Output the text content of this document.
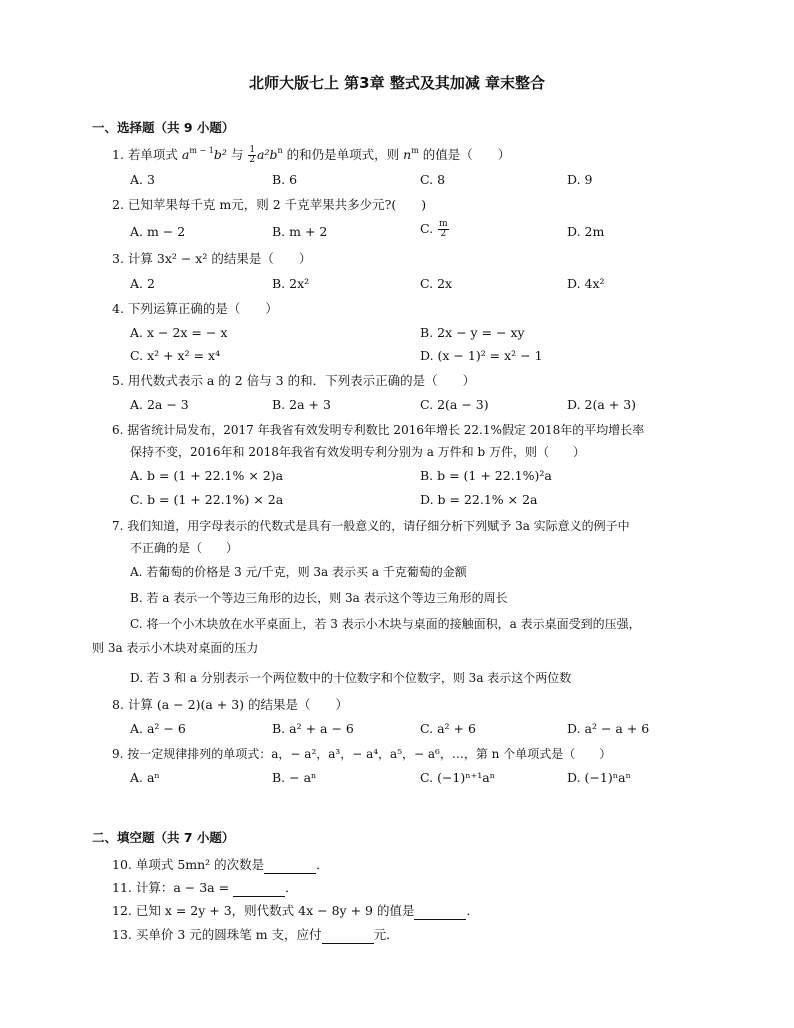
北师大版七上 第3章 整式及其加减 章末整合
一、选择题（共 9 小题）
1. 若单项式 $a^{m - 1}b^2$ 与 $\frac{1}{2} a^2b^n$ 的和仍是单项式，则 $n^m$ 的值是（　　）
A. 3	B. 6	C. 8	D. 9
2. 已知苹果每千克 m元，则 2 千克苹果共多少元?(　　)
A. m − 2	B. m + 2	C. $\frac{m}{2}$	D. 2m
3. 计算 3x² − x² 的结果是（　　）
A. 2	B. 2x²	C. 2x	D. 4x²
4. 下列运算正确的是（　　）
A. x − 2x = − x	B. 2x − y = − xy
C. x² + x² = x⁴	D. (x − 1)² = x² − 1
5. 用代数式表示 a 的 2 倍与 3 的和．下列表示正确的是（　　）
A. 2a − 3	B. 2a + 3	C. 2(a − 3)	D. 2(a + 3)
6. 据省统计局发布，2017 年我省有效发明专利数比 2016年增长 22.1%假定 2018年的平均增长率
保持不变，2016年和 2018年我省有效发明专利分别为 a 万件和 b 万件，则（　　）
A. b = (1 + 22.1% × 2)a	B. b = (1 + 22.1%)²a
C. b = (1 + 22.1%) × 2a	D. b = 22.1% × 2a
7. 我们知道，用字母表示的代数式是具有一般意义的，请仔细分析下列赋予 3a 实际意义的例子中
不正确的是（　　）
A. 若葡萄的价格是 3 元/千克，则 3a 表示买 a 千克葡萄的金额
B. 若 a 表示一个等边三角形的边长，则 3a 表示这个等边三角形的周长
C. 将一个小木块放在水平桌面上，若 3 表示小木块与桌面的接触面积，a 表示桌面受到的压强，
则 3a 表示小木块对桌面的压力
D. 若 3 和 a 分别表示一个两位数中的十位数字和个位数字，则 3a 表示这个两位数
8. 计算 (a − 2)(a + 3) 的结果是（　　）
A. a² − 6	B. a² + a − 6	C. a² + 6	D. a² − a + 6
9. 按一定规律排列的单项式：a，− a²，a³，− a⁴，a⁵，− a⁶，…，第 n 个单项式是（　　）
A. aⁿ	B. − aⁿ	C. (−1)ⁿ⁺¹aⁿ	D. (−1)ⁿaⁿ
二、填空题（共 7 小题）
10. 单项式 5mn² 的次数是	．
11. 计算：a − 3a =	．
12. 已知 x = 2y + 3，则代数式 4x − 8y + 9 的值是	．
13. 买单价 3 元的圆珠笔 m 支，应付	元．
